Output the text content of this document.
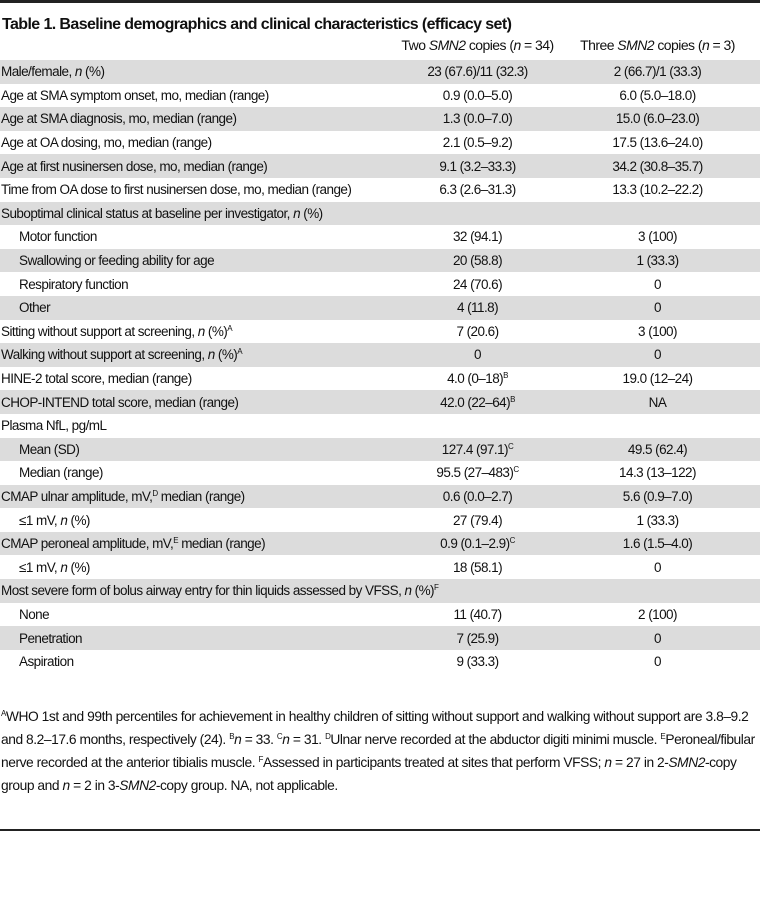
Table 1. Baseline demographics and clinical characteristics (efficacy set)
	Two SMN2 copies (n = 34)	Three SMN2 copies (n = 3)
Male/female, n (%)	23 (67.6)/11 (32.3)	2 (66.7)/1 (33.3)
Age at SMA symptom onset, mo, median (range)	0.9 (0.0–5.0)	6.0 (5.0–18.0)
Age at SMA diagnosis, mo, median (range)	1.3 (0.0–7.0)	15.0 (6.0–23.0)
Age at OA dosing, mo, median (range)	2.1 (0.5–9.2)	17.5 (13.6–24.0)
Age at first nusinersen dose, mo, median (range)	9.1 (3.2–33.3)	34.2 (30.8–35.7)
Time from OA dose to first nusinersen dose, mo, median (range)	6.3 (2.6–31.3)	13.3 (10.2–22.2)
Suboptimal clinical status at baseline per investigator, n (%)		
Motor function	32 (94.1)	3 (100)
Swallowing or feeding ability for age	20 (58.8)	1 (33.3)
Respiratory function	24 (70.6)	0
Other	4 (11.8)	0
Sitting without support at screening, n (%)$^A$	7 (20.6)	3 (100)
Walking without support at screening, n (%)$^A$	0	0
HINE-2 total score, median (range)	4.0 $(0-18)^B$	19.0 (12–24)
CHOP-INTEND total score, median (range)	42.0 $(22-64)^B$	NA
Plasma NfL, pg/mL		
Mean (SD)	127.4 $(97.1)^C$	49.5 (62.4)
Median (range)	95.5 $(27-483)^C$	14.3 (13–122)
CMAP ulnar amplitude, mV,$^D$ median (range)	0.6 (0.0–2.7)	5.6 (0.9–7.0)
≤1 mV, n (%)	27 (79.4)	1 (33.3)
CMAP peroneal amplitude, mV,$^E$ median (range)	0.9 $(0.1-2.9)^C$	1.6 (1.5–4.0)
≤1 mV, n (%)	18 (58.1)	0
Most severe form of bolus airway entry for thin liquids assessed by VFSS, n (%)$^F$
None	11 (40.7)	2 (100)
Penetration	7 (25.9)	0
Aspiration	9 (33.3)	0
$^A$WHO 1st and 99th percentiles for achievement in healthy children of sitting without support and walking without support are 3.8–9.2 and 8.2–17.6 months, respectively (24). $^B$n = 33. $^C$n = 31. $^D$Ulnar nerve recorded at the abductor digiti minimi muscle. $^E$Peroneal/fibular nerve recorded at the anterior tibialis muscle. $^F$Assessed in participants treated at sites that perform VFSS; n = 27 in 2-SMN2-copy group and n = 2 in 3-SMN2-copy group. NA, not applicable.
